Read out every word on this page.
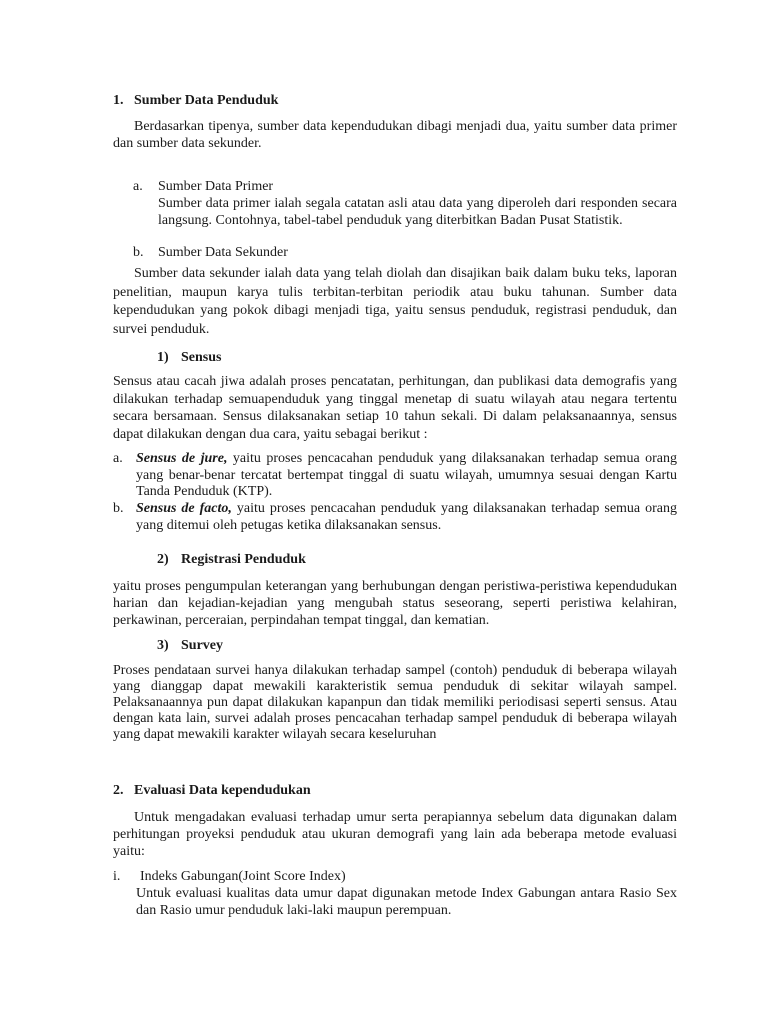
1. Sumber Data Penduduk
Berdasarkan tipenya, sumber data kependudukan dibagi menjadi dua, yaitu sumber data primer dan sumber data sekunder.
a.	Sumber Data Primer
Sumber data primer ialah segala catatan asli atau data yang diperoleh dari responden secara langsung. Contohnya, tabel-tabel penduduk yang diterbitkan Badan Pusat Statistik.
b.	Sumber Data Sekunder
Sumber data sekunder ialah data yang telah diolah dan disajikan baik dalam buku teks, laporan penelitian, maupun karya tulis terbitan-terbitan periodik atau buku tahunan. Sumber data kependudukan yang pokok dibagi menjadi tiga, yaitu sensus penduduk, registrasi penduduk, dan survei penduduk.
1) Sensus
Sensus atau cacah jiwa adalah proses pencatatan, perhitungan, dan publikasi data demografis yang dilakukan terhadap semuapenduduk yang tinggal menetap di suatu wilayah atau negara tertentu secara bersamaan. Sensus dilaksanakan setiap 10 tahun sekali. Di dalam pelaksanaannya, sensus dapat dilakukan dengan dua cara, yaitu sebagai berikut :
a. Sensus de jure, yaitu proses pencacahan penduduk yang dilaksanakan terhadap semua orang yang benar-benar tercatat bertempat tinggal di suatu wilayah, umumnya sesuai dengan Kartu Tanda Penduduk (KTP).
b. Sensus de facto, yaitu proses pencacahan penduduk yang dilaksanakan terhadap semua orang yang ditemui oleh petugas ketika dilaksanakan sensus.
2) Registrasi Penduduk
yaitu proses pengumpulan keterangan yang berhubungan dengan peristiwa-peristiwa kependudukan harian dan kejadian-kejadian yang mengubah status seseorang, seperti peristiwa kelahiran, perkawinan, perceraian, perpindahan tempat tinggal, dan kematian.
3) Survey
Proses pendataan survei hanya dilakukan terhadap sampel (contoh) penduduk di beberapa wilayah yang dianggap dapat mewakili karakteristik semua penduduk di sekitar wilayah sampel. Pelaksanaannya pun dapat dilakukan kapanpun dan tidak memiliki periodisasi seperti sensus. Atau dengan kata lain, survei adalah proses pencacahan terhadap sampel penduduk di beberapa wilayah yang dapat mewakili karakter wilayah secara keseluruhan
2. Evaluasi Data kependudukan
Untuk mengadakan evaluasi terhadap umur serta perapiannya sebelum data digunakan dalam perhitungan proyeksi penduduk atau ukuran demografi yang lain ada beberapa metode evaluasi yaitu:
i.	Indeks Gabungan(Joint Score Index)
Untuk evaluasi kualitas data umur dapat digunakan metode Index Gabungan antara Rasio Sex dan Rasio umur penduduk laki-laki maupun perempuan.
